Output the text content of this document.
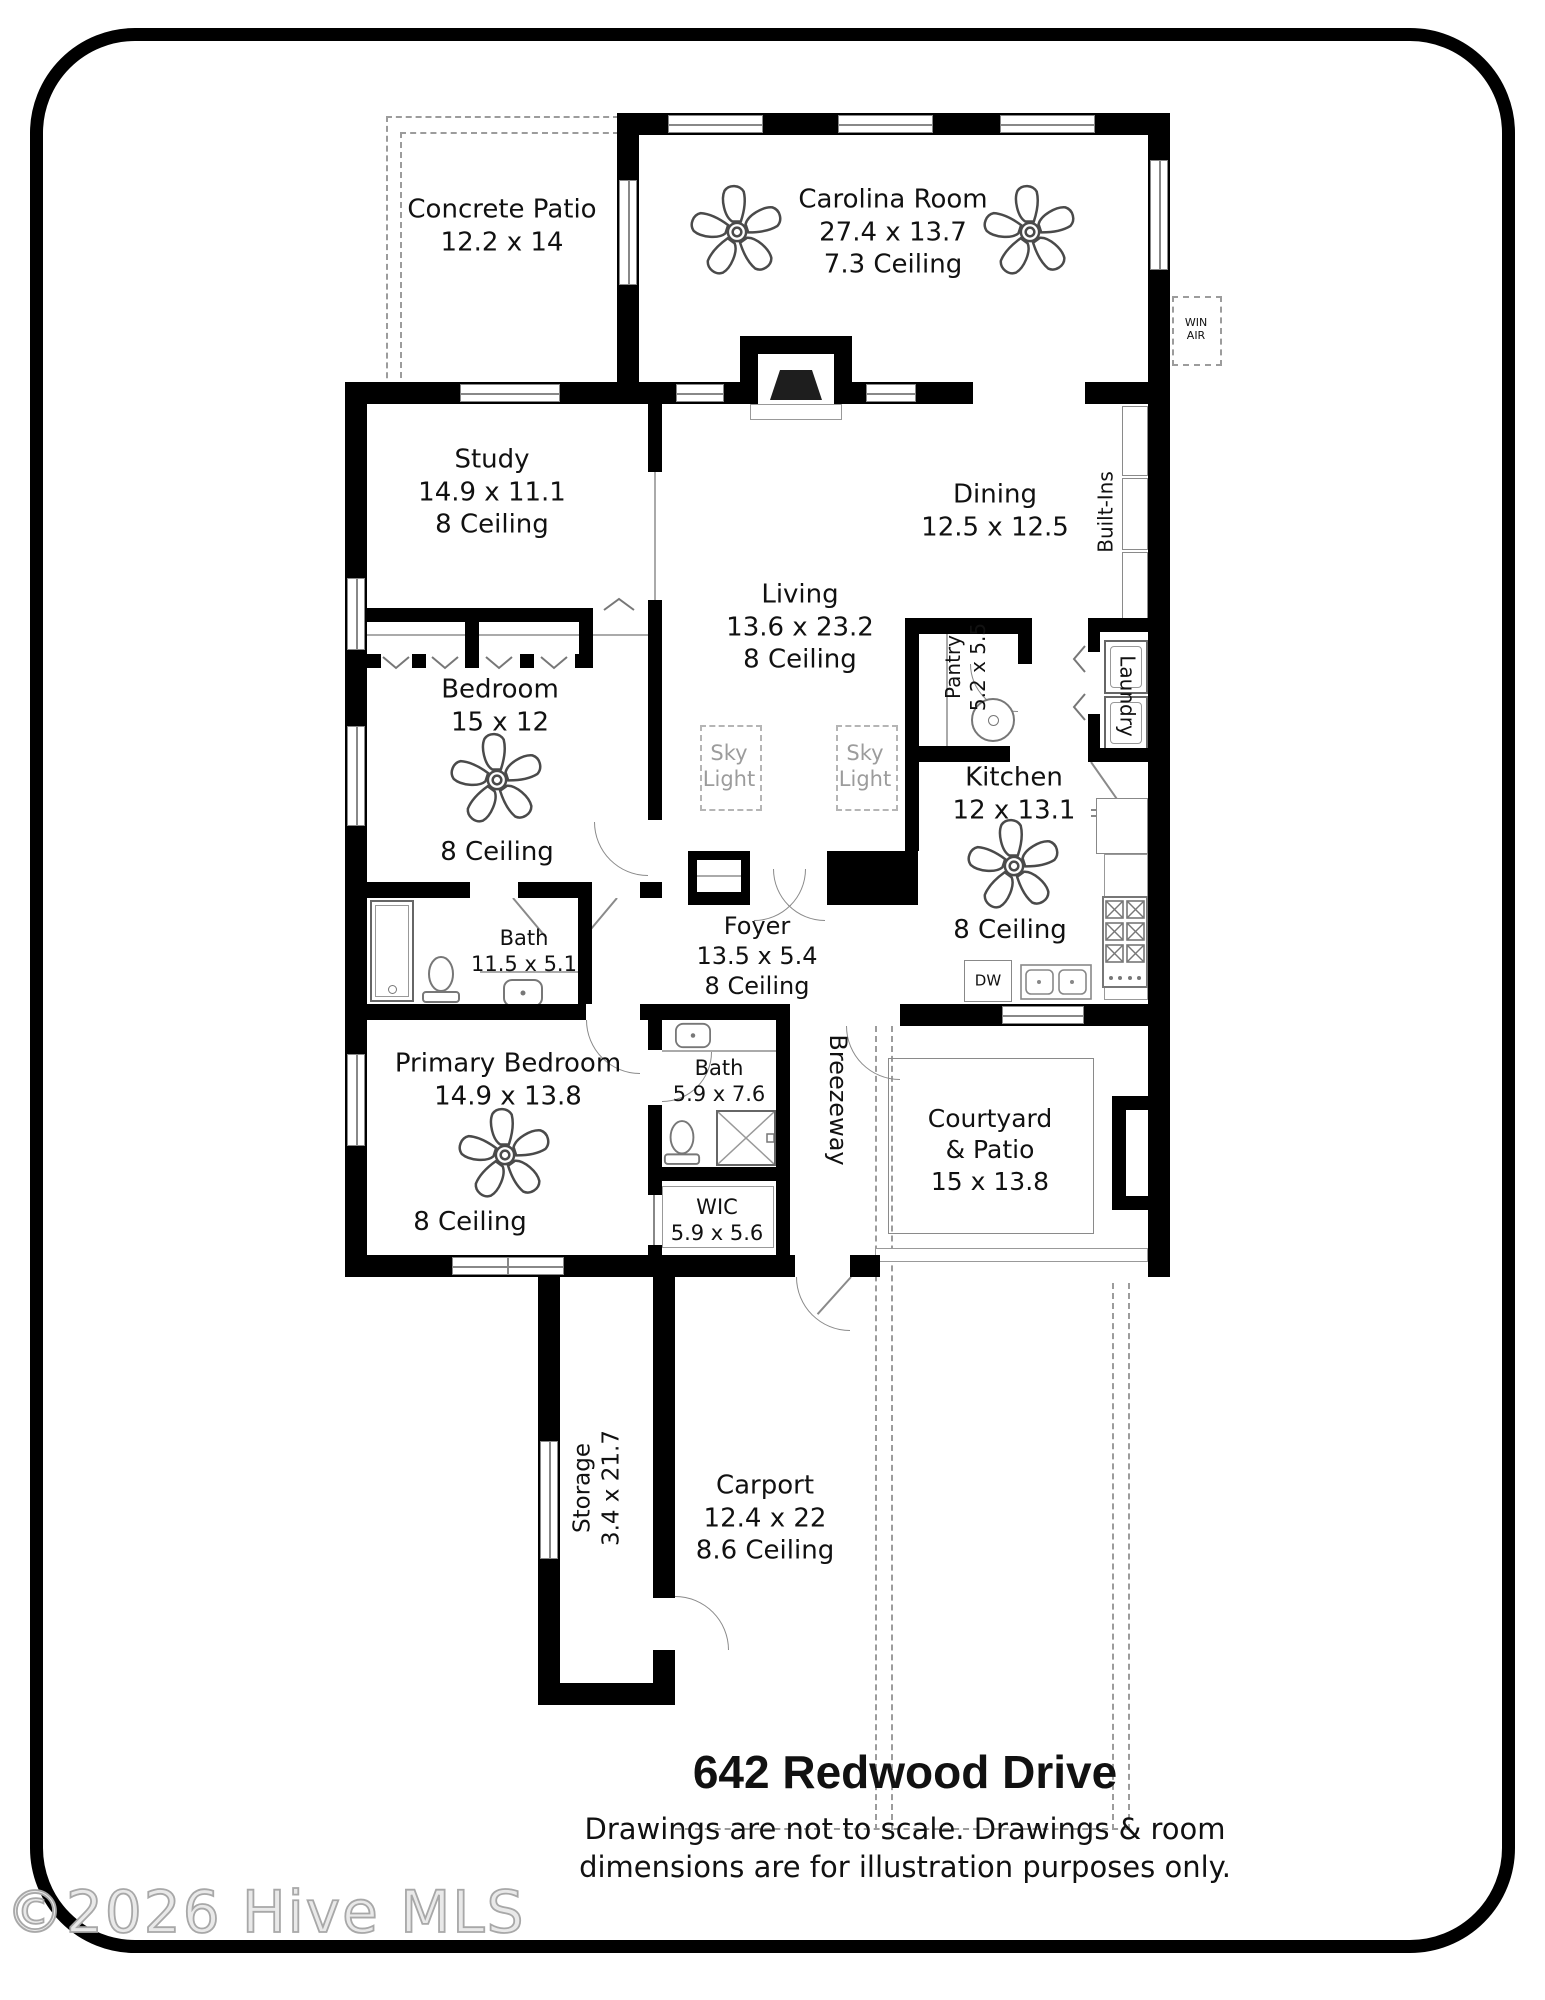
Concrete Patio
12.2 x 14
Carolina Room
27.4 x 13.7
7.3 Ceiling
WIN
AIR
Study
14.9 x 11.1
8 Ceiling
Living
13.6 x 23.2
8 Ceiling
Sky
Light
Sky
Light
Dining
12.5 x 12.5 Built-Ins
Bedroom
15 x 12
8 Ceiling
Bath
11.5 x 5.1
Foyer
13.5 x 5.4
8 Ceiling
Pantry
5.2 x 5.5	Laundry
Kitchen
12 x 13.1
8 Ceiling
DW
Primary Bedroom
14.9 x 13.8
8 Ceiling
Bath
5.9 x 7.6
WIC
5.9 x 5.6
Breezeway	Courtyard
& Patio
15 x 13.8
Storage 3.4 x 21.7	Carport
12.4 x 22
8.6 Ceiling
642 Redwood Drive
Drawings are not to scale. Drawings & room
dimensions are for illustration purposes only.
©2026 Hive MLS
